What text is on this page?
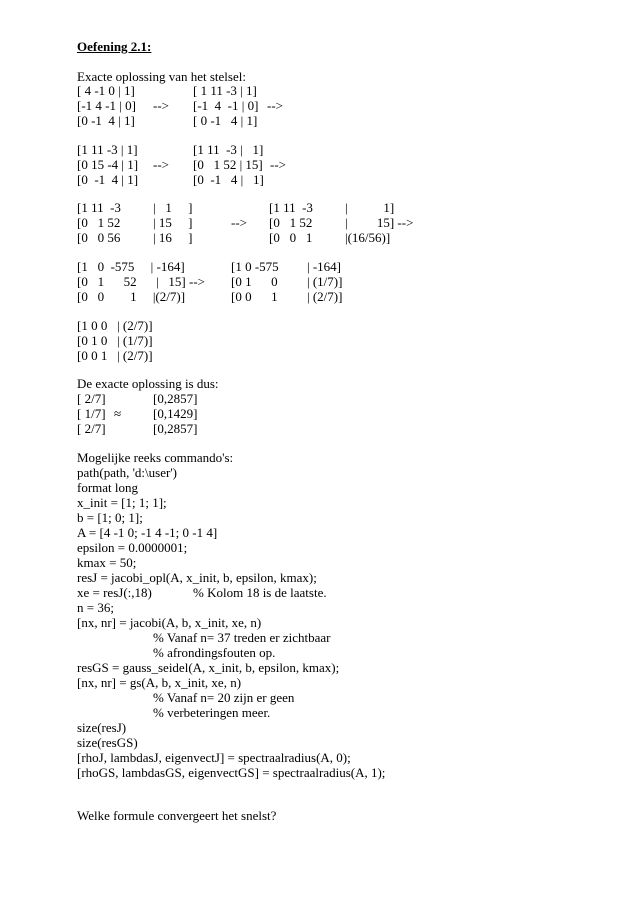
Oefening 2.1:
Exacte oplossing van het stelsel:
[ 4 -1 0 | 1]
[-1 4 -1 | 0]
[0 -1  4 | 1]
-->
[ 1 11 -3 | 1]
[-1  4  -1 | 0]
[ 0 -1   4 | 1]
-->
[1 11 -3 | 1]
[0 15 -4 | 1]
[0  -1  4 | 1]
-->
[1 11  -3 |   1]
[0   1 52 | 15]
[0  -1   4 |   1]
-->
[1 11  -3
[0   1 52
[0   0 56
|   1     ]
| 15     ]
| 16     ]
-->
[1 11  -3
[0   1 52
[0   0   1
|           1]
|         15] -->
|(16/56)]
[1   0  -575     | -164]
[0   1      52      |   15] -->
[0   0        1     |(2/7)]
[1 0 -575
[0 1      0
[0 0      1
| -164]
| (1/7)]
| (2/7)]
[1 0 0   | (2/7)]
[0 1 0   | (1/7)]
[0 0 1   | (2/7)]
De exacte oplossing is dus:
[ 2/7]
[ 1/7]
[ 2/7]
≈
[0,2857]
[0,1429]
[0,2857]
Mogelijke reeks commando's:
path(path, 'd:\user')
format long
x_init = [1; 1; 1];
b = [1; 0; 1];
A = [4 -1 0; -1 4 -1; 0 -1 4]
epsilon = 0.0000001;
kmax = 50;
resJ = jacobi_opl(A, x_init, b, epsilon, kmax);
xe = resJ(:,18)	% Kolom 18 is de laatste.
n = 36;
[nx, nr] = jacobi(A, b, x_init, xe, n)
% Vanaf n= 37 treden er zichtbaar
% afrondingsfouten op.
resGS = gauss_seidel(A, x_init, b, epsilon, kmax);
[nx, nr] = gs(A, b, x_init, xe, n)
% Vanaf n= 20 zijn er geen
% verbeteringen meer.
size(resJ)
size(resGS)
[rhoJ, lambdasJ, eigenvectJ] = spectraalradius(A, 0);
[rhoGS, lambdasGS, eigenvectGS] = spectraalradius(A, 1);
Welke formule convergeert het snelst?
